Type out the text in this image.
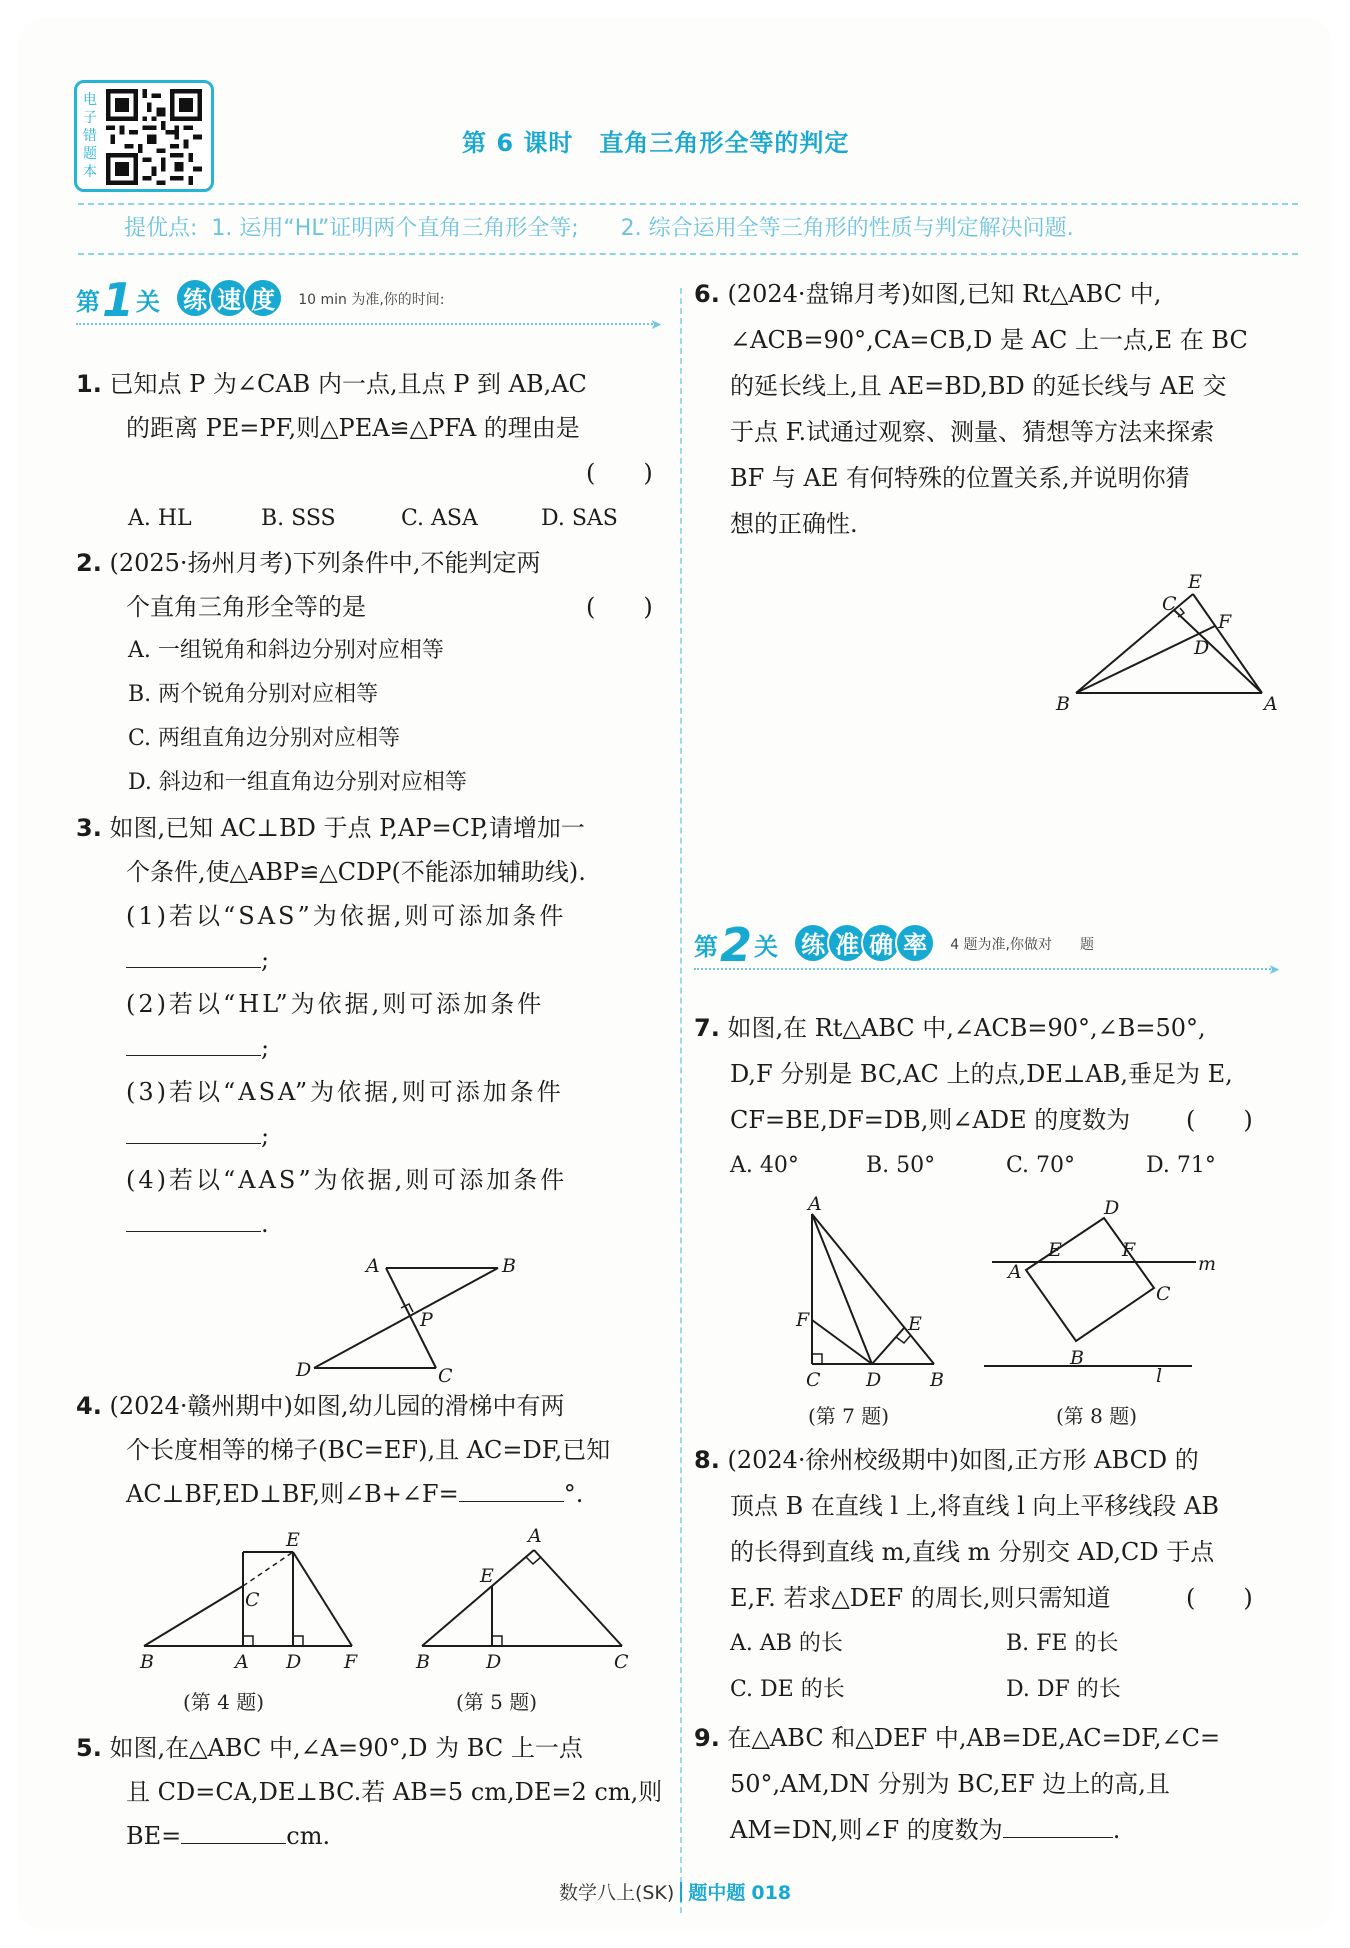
电子错题本
第 6 课时 直角三角形全等的判定
提优点: 1. 运用“HL”证明两个直角三角形全等; 2. 综合运用全等三角形的性质与判定解决问题.
第1关 练 速 度 10 min 为准,你的时间:
➤
1. 已知点 P 为∠CAB 内一点,且点 P 到 AB,AC
的距离 PE=PF,则△PEA≌△PFA 的理由是
(　　)
A. HL	B. SSS	C. ASA	D. SAS
2. (2025·扬州月考)下列条件中,不能判定两
个直角三角形全等的是	(　　)
A. 一组锐角和斜边分别对应相等
B. 两个锐角分别对应相等
C. 两组直角边分别对应相等
D. 斜边和一组直角边分别对应相等
3. 如图,已知 AC⊥BD 于点 P,AP=CP,请增加一
个条件,使△ABP≌△CDP(不能添加辅助线).
(1)若以“SAS”为依据,则可添加条件
;
(2)若以“HL”为依据,则可添加条件
;
(3)若以“ASA”为依据,则可添加条件
;
(4)若以“AAS”为依据,则可添加条件
.
A	B
P
D	C
4. (2024·赣州期中)如图,幼儿园的滑梯中有两
个长度相等的梯子(BC=EF),且 AC=DF,已知
AC⊥BF,ED⊥BF,则∠B+∠F=	°.
E
C
B	A D F
(第 4 题)
A
E
B	D	C
(第 5 题)
5. 如图,在△ABC 中,∠A=90°,D 为 BC 上一点
且 CD=CA,DE⊥BC.若 AB=5 cm,DE=2 cm,则
BE=	cm.
6. (2024·盘锦月考)如图,已知 Rt△ABC 中,
∠ACB=90°,CA=CB,D 是 AC 上一点,E 在 BC
的延长线上,且 AE=BD,BD 的延长线与 AE 交
于点 F.试通过观察、测量、猜想等方法来探索
BF 与 AE 有何特殊的位置关系,并说明你猜
想的正确性.
E
C
F
D
B	A
第2关 练 准 确 率 4 题为准,你做对　　题
➤
7. 如图,在 Rt△ABC 中,∠ACB=90°,∠B=50°,
D,F 分别是 BC,AC 上的点,DE⊥AB,垂足为 E,
CF=BE,DF=DB,则∠ADE 的度数为 (　　)
A. 40°	B. 50°	C. 70°	D. 71°
A
F	E
C D	B
(第 7 题)
D
E	F
A	m
C
B
l
(第 8 题)
8. (2024·徐州校级期中)如图,正方形 ABCD 的
顶点 B 在直线 l 上,将直线 l 向上平移线段 AB
的长得到直线 m,直线 m 分别交 AD,CD 于点
E,F. 若求△DEF 的周长,则只需知道	(　　)
A. AB 的长	B. FE 的长
C. DE 的长	D. DF 的长
9. 在△ABC 和△DEF 中,AB=DE,AC=DF,∠C=
50°,AM,DN 分别为 BC,EF 边上的高,且
AM=DN,则∠F 的度数为	.
数学八上(SK) 题中题 018
